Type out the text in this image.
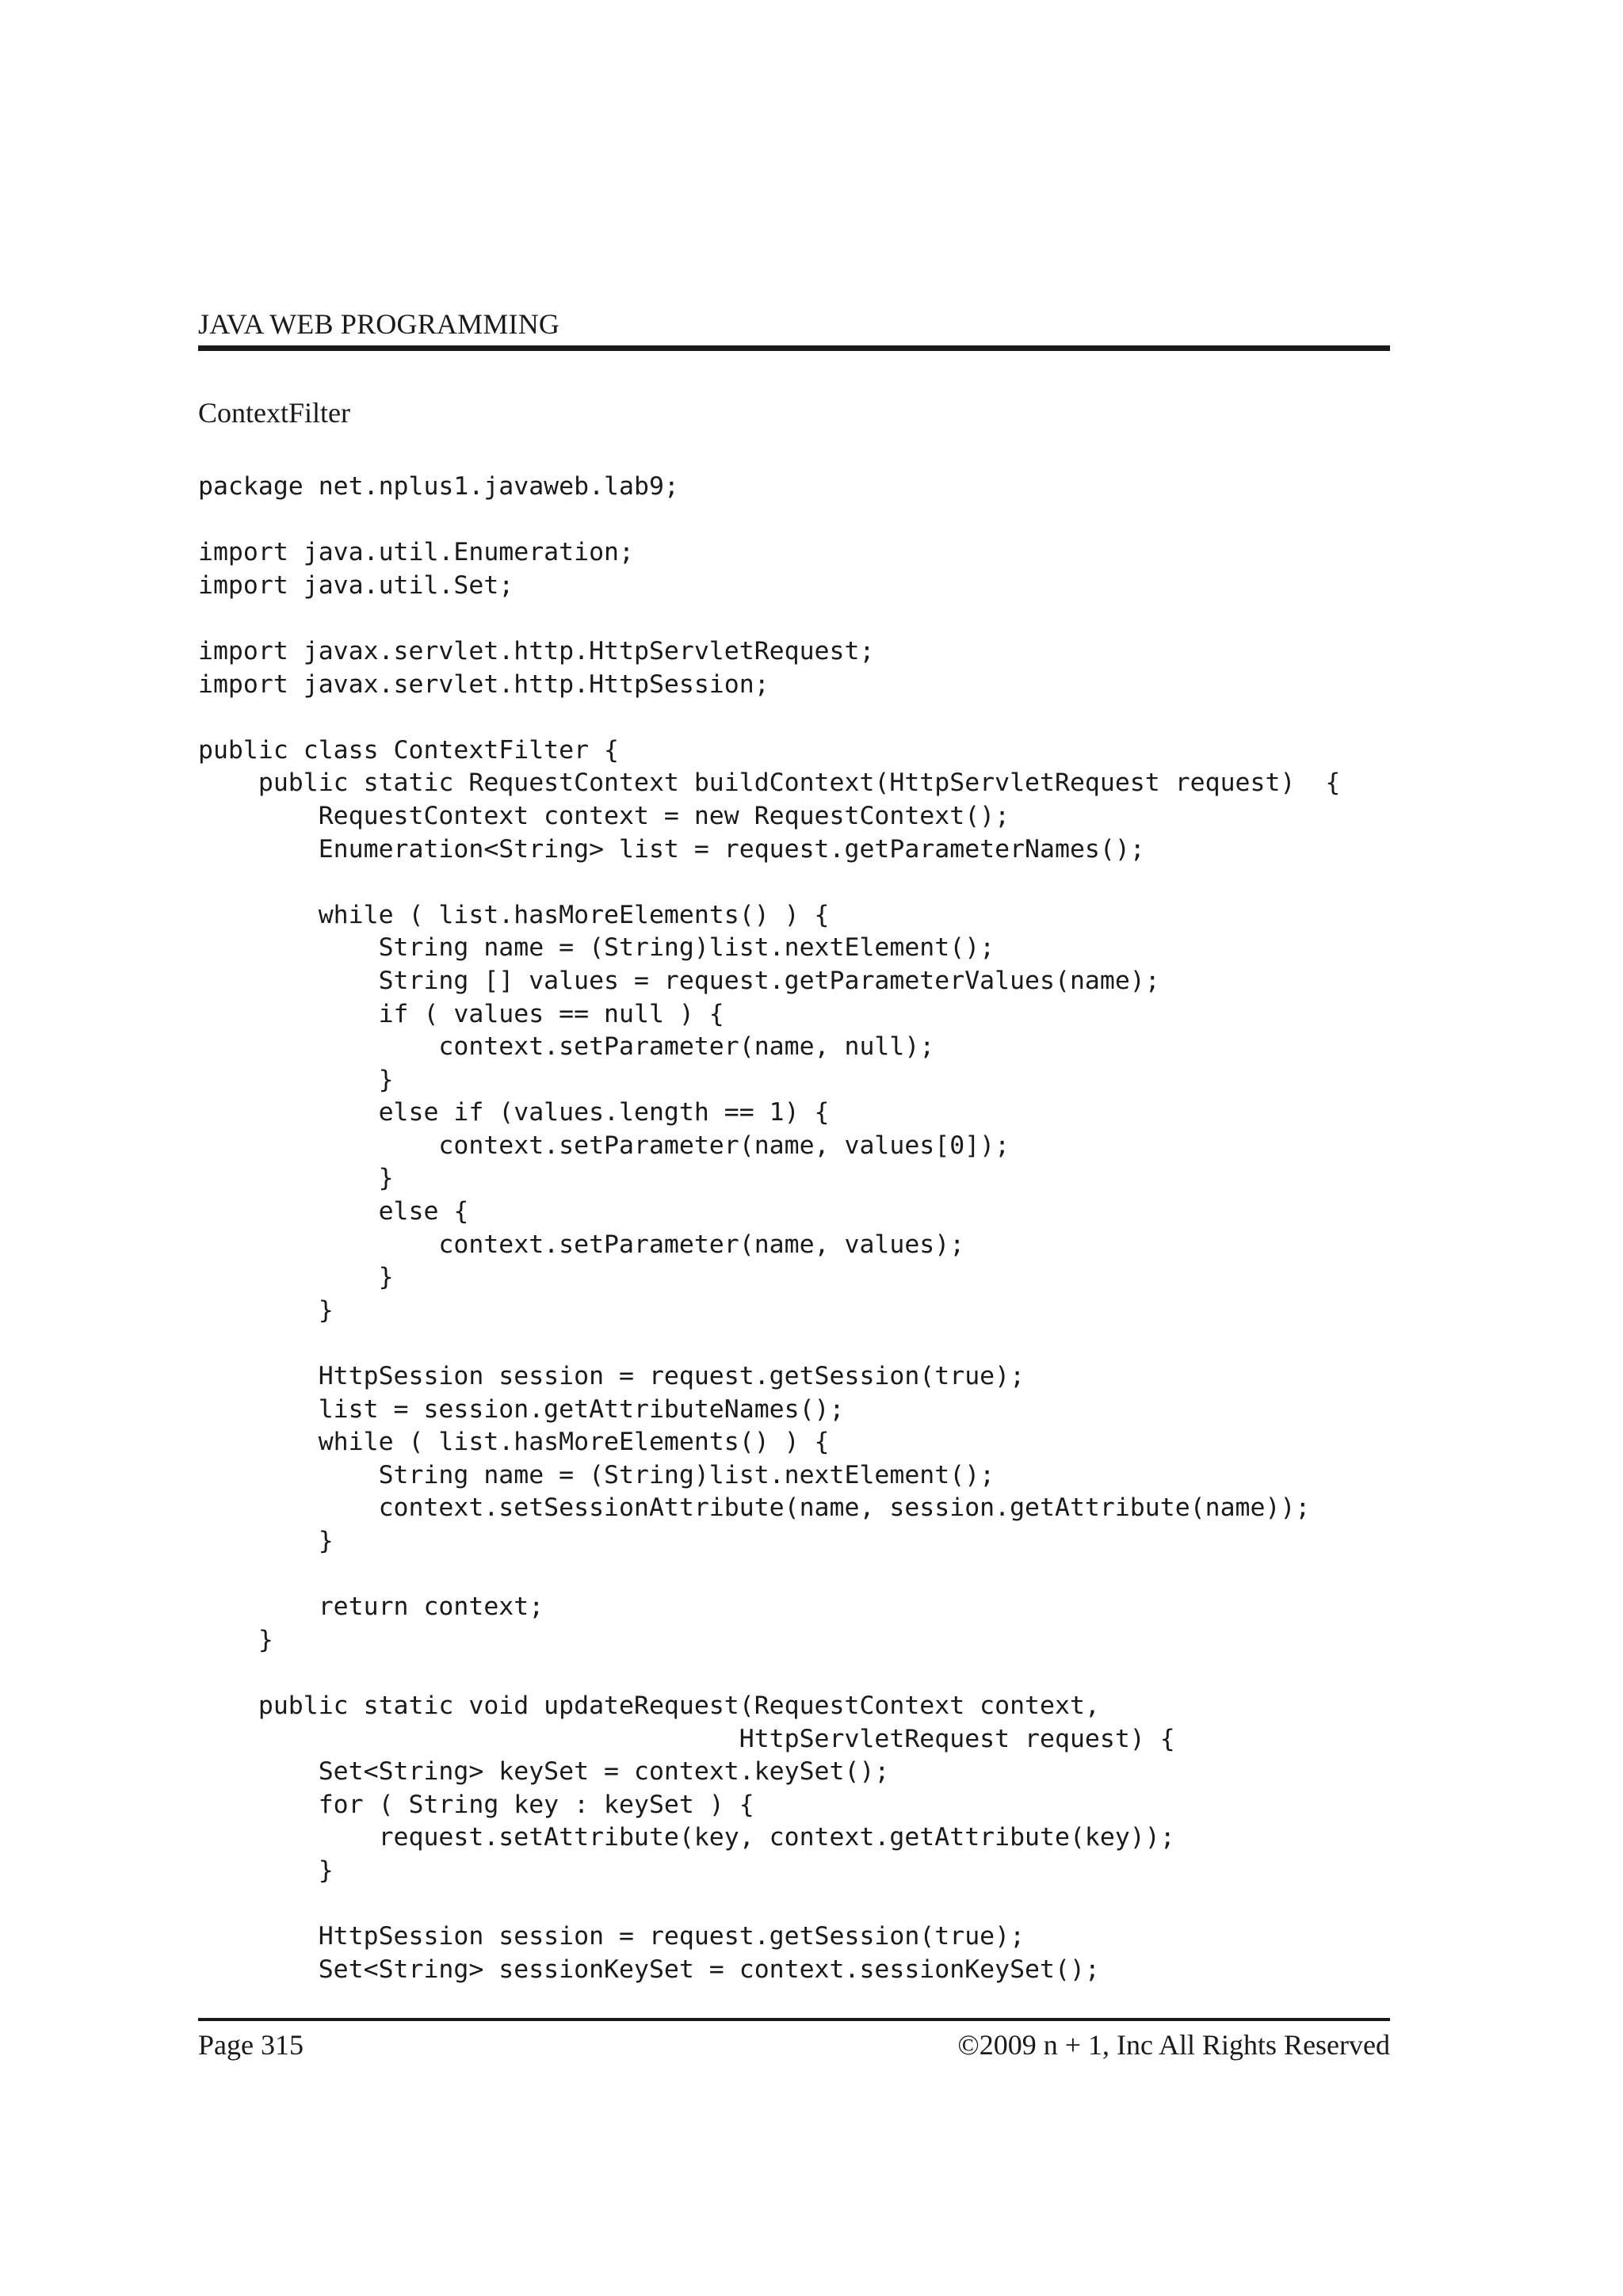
JAVA WEB PROGRAMMING
ContextFilter
package net.nplus1.javaweb.lab9;
import java.util.Enumeration;
import java.util.Set;
import javax.servlet.http.HttpServletRequest;
import javax.servlet.http.HttpSession;
public class ContextFilter {
public static RequestContext buildContext(HttpServletRequest request)  {
RequestContext context = new RequestContext();
Enumeration<String> list = request.getParameterNames();
while ( list.hasMoreElements() ) {
String name = (String)list.nextElement();
String [] values = request.getParameterValues(name);
if ( values == null ) {
context.setParameter(name, null);
}
else if (values.length == 1) {
context.setParameter(name, values[0]);
}
else {
context.setParameter(name, values);
}
}
HttpSession session = request.getSession(true);
list = session.getAttributeNames();
while ( list.hasMoreElements() ) {
String name = (String)list.nextElement();
context.setSessionAttribute(name, session.getAttribute(name));
}
return context;
}
public static void updateRequest(RequestContext context,
HttpServletRequest request) {
Set<String> keySet = context.keySet();
for ( String key : keySet ) {
request.setAttribute(key, context.getAttribute(key));
}
HttpSession session = request.getSession(true);
Set<String> sessionKeySet = context.sessionKeySet();
Page 315	©2009 n + 1, Inc All Rights Reserved
